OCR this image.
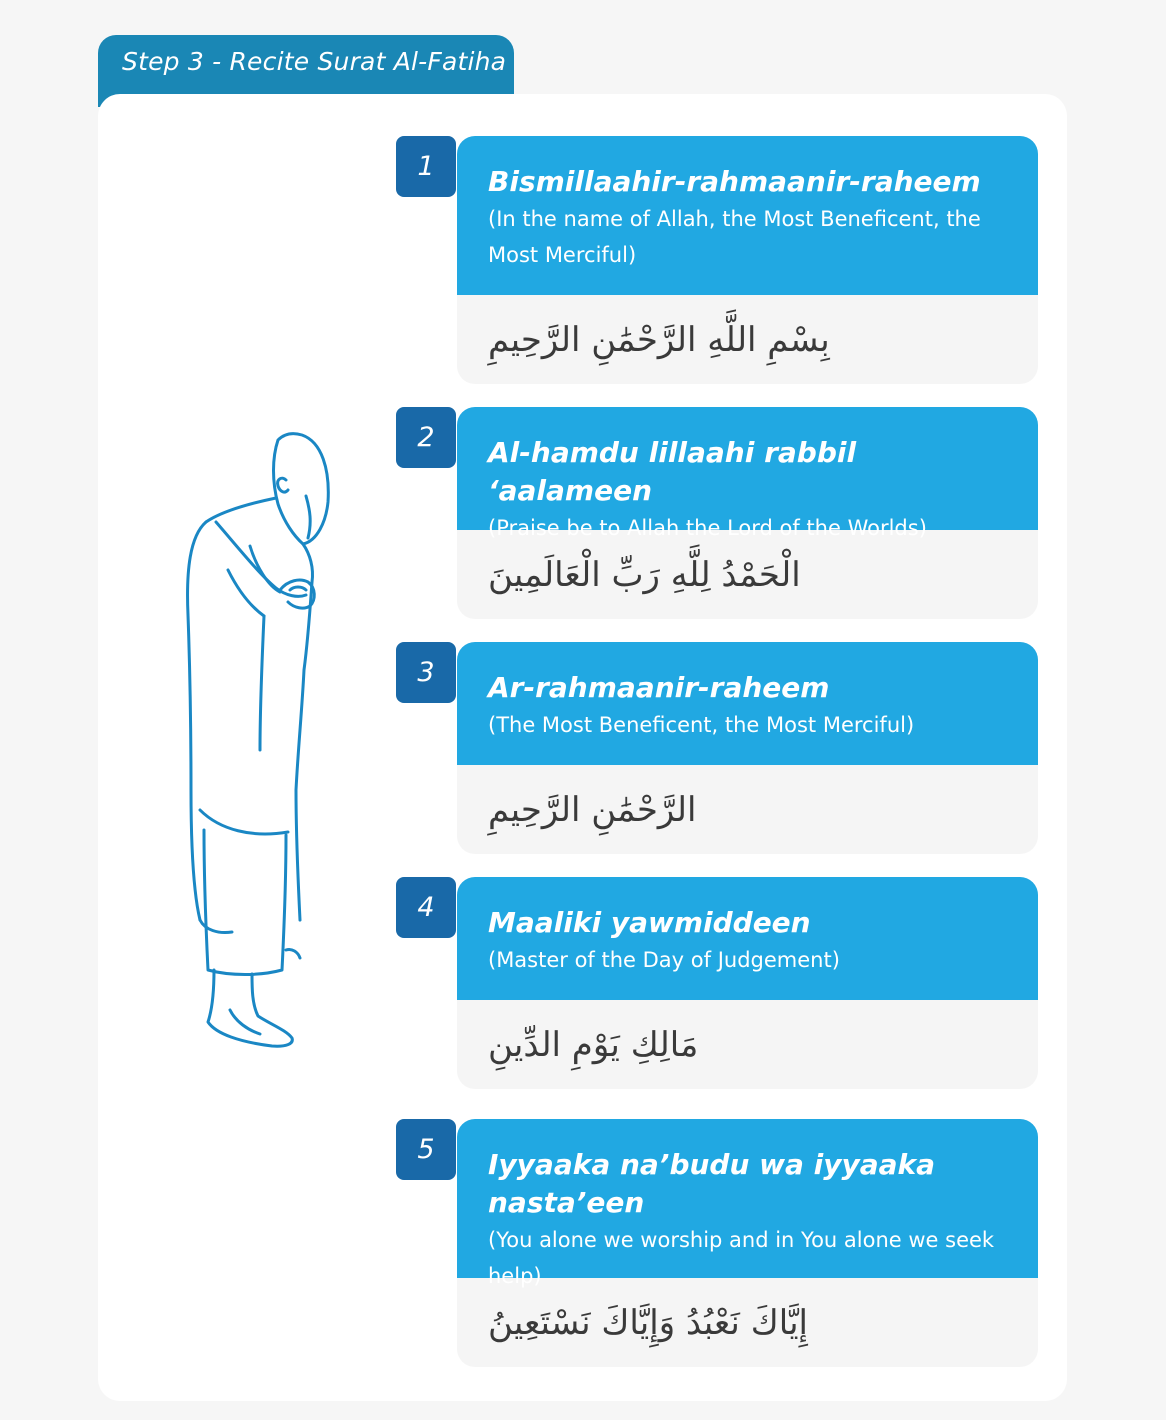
Step 3 - Recite Surat Al-Fatiha
1	Bismillaahir-rahmaanir-raheem
(In the name of Allah, the Most Beneficent, the Most Merciful)
بِسْمِ اللَّهِ الرَّحْمَٰنِ الرَّحِيمِ
2	Al-hamdu lillaahi rabbil ‘aalameen
(Praise be to Allah the Lord of the Worlds)
الْحَمْدُ لِلَّهِ رَبِّ الْعَالَمِينَ
3	Ar-rahmaanir-raheem
(The Most Beneficent, the Most Merciful)
الرَّحْمَٰنِ الرَّحِيمِ
4	Maaliki yawmiddeen
(Master of the Day of Judgement)
مَالِكِ يَوْمِ الدِّينِ
5	Iyyaaka na’budu wa iyyaaka nasta’een
(You alone we worship and in You alone we seek help)
إِيَّاكَ نَعْبُدُ وَإِيَّاكَ نَسْتَعِينُ
